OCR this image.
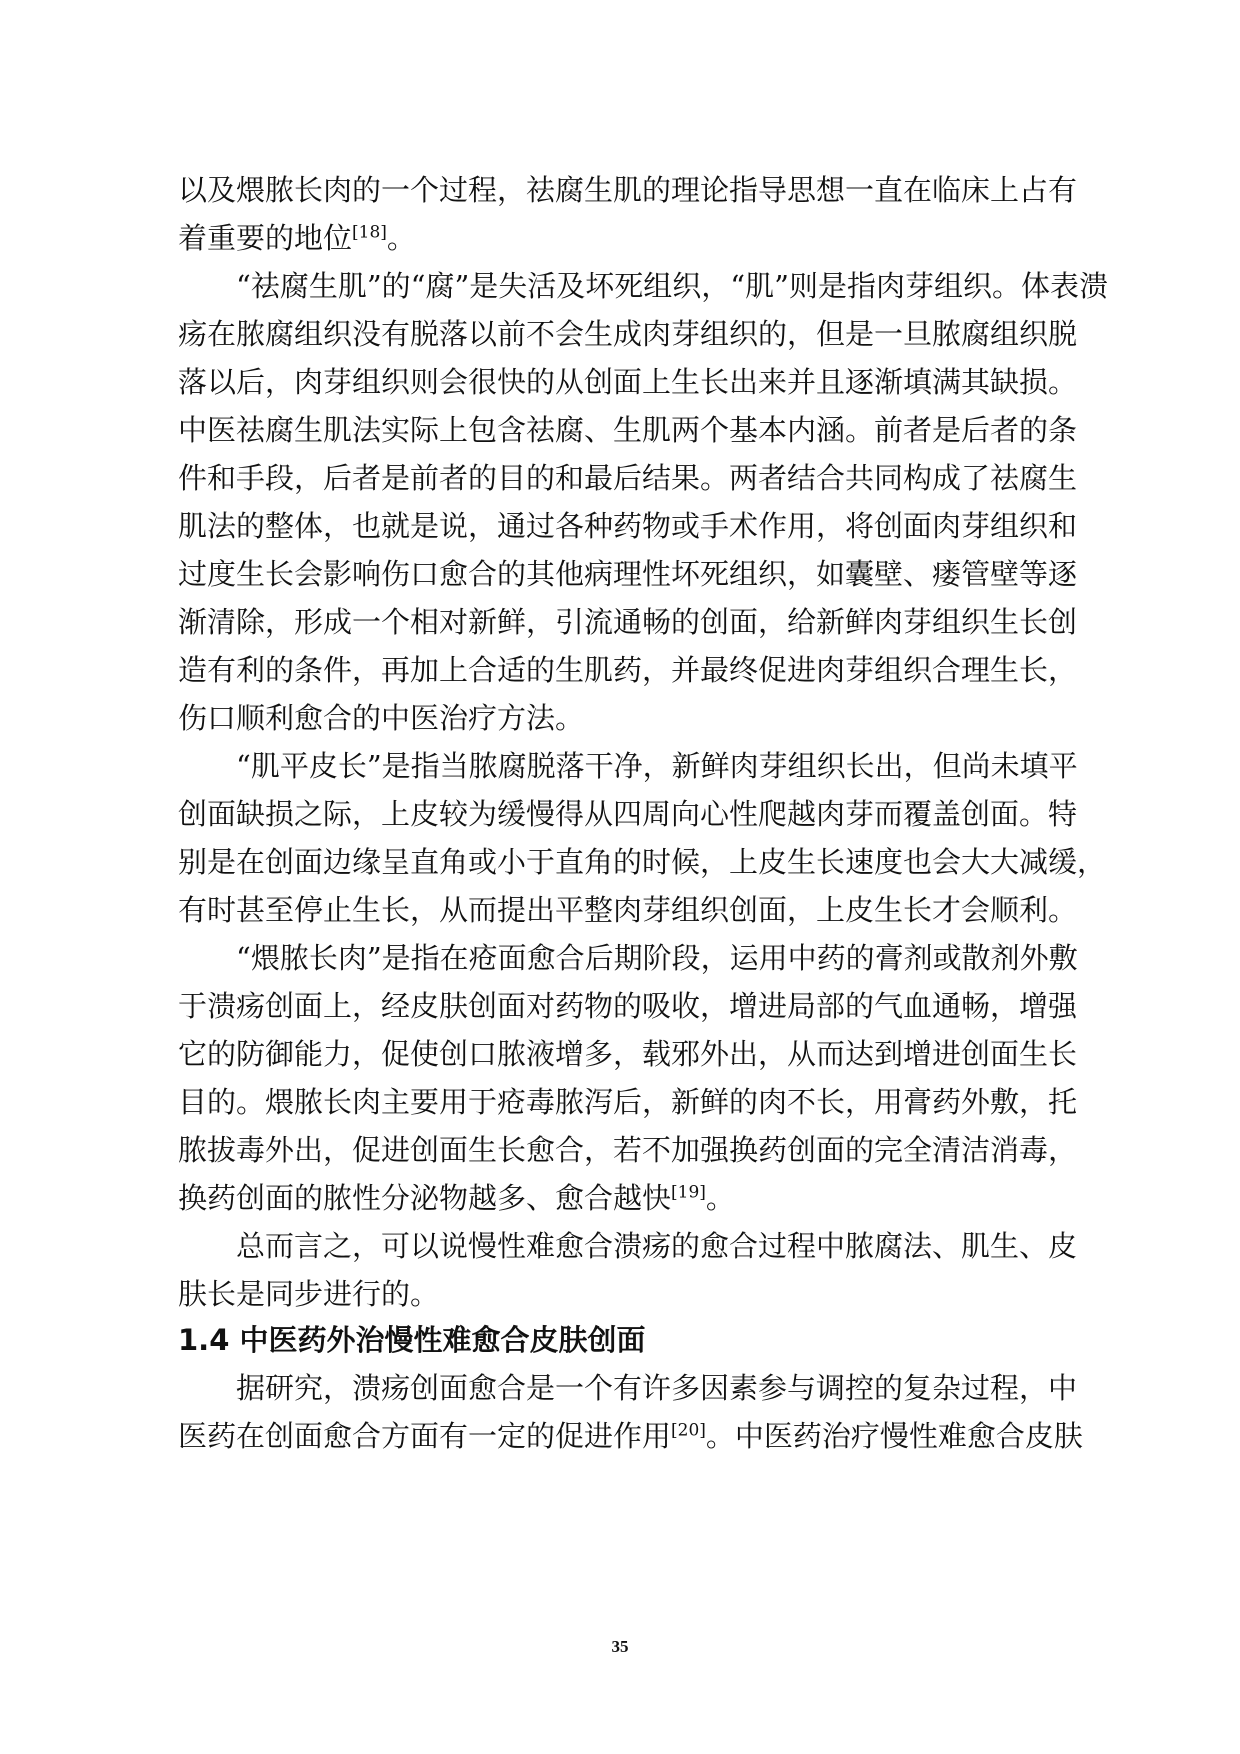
以及煨脓长肉的一个过程，祛腐生肌的理论指导思想一直在临床上占有

着重要的地位[18]。

“祛腐生肌”的“腐”是失活及坏死组织，“肌”则是指肉芽组织。体表溃

疡在脓腐组织没有脱落以前不会生成肉芽组织的，但是一旦脓腐组织脱

落以后，肉芽组织则会很快的从创面上生长出来并且逐渐填满其缺损。

中医祛腐生肌法实际上包含祛腐、生肌两个基本内涵。前者是后者的条

件和手段，后者是前者的目的和最后结果。两者结合共同构成了祛腐生

肌法的整体，也就是说，通过各种药物或手术作用，将创面肉芽组织和

过度生长会影响伤口愈合的其他病理性坏死组织，如囊壁、瘘管壁等逐

渐清除，形成一个相对新鲜，引流通畅的创面，给新鲜肉芽组织生长创

造有利的条件，再加上合适的生肌药，并最终促进肉芽组织合理生长，

伤口顺利愈合的中医治疗方法。

“肌平皮长”是指当脓腐脱落干净，新鲜肉芽组织长出，但尚未填平

创面缺损之际，上皮较为缓慢得从四周向心性爬越肉芽而覆盖创面。特

别是在创面边缘呈直角或小于直角的时候，上皮生长速度也会大大减缓，

有时甚至停止生长，从而提出平整肉芽组织创面，上皮生长才会顺利。

“煨脓长肉”是指在疮面愈合后期阶段，运用中药的膏剂或散剂外敷

于溃疡创面上，经皮肤创面对药物的吸收，增进局部的气血通畅，增强

它的防御能力，促使创口脓液增多，载邪外出，从而达到增进创面生长

目的。煨脓长肉主要用于疮毒脓泻后，新鲜的肉不长，用膏药外敷，托

脓拔毒外出，促进创面生长愈合，若不加强换药创面的完全清洁消毒，

换药创面的脓性分泌物越多、愈合越快[19]。

总而言之，可以说慢性难愈合溃疡的愈合过程中脓腐法、肌生、皮

肤长是同步进行的。

1.4 中医药外治慢性难愈合皮肤创面

据研究，溃疡创面愈合是一个有许多因素参与调控的复杂过程，中

医药在创面愈合方面有一定的促进作用[20]。中医药治疗慢性难愈合皮肤

35
